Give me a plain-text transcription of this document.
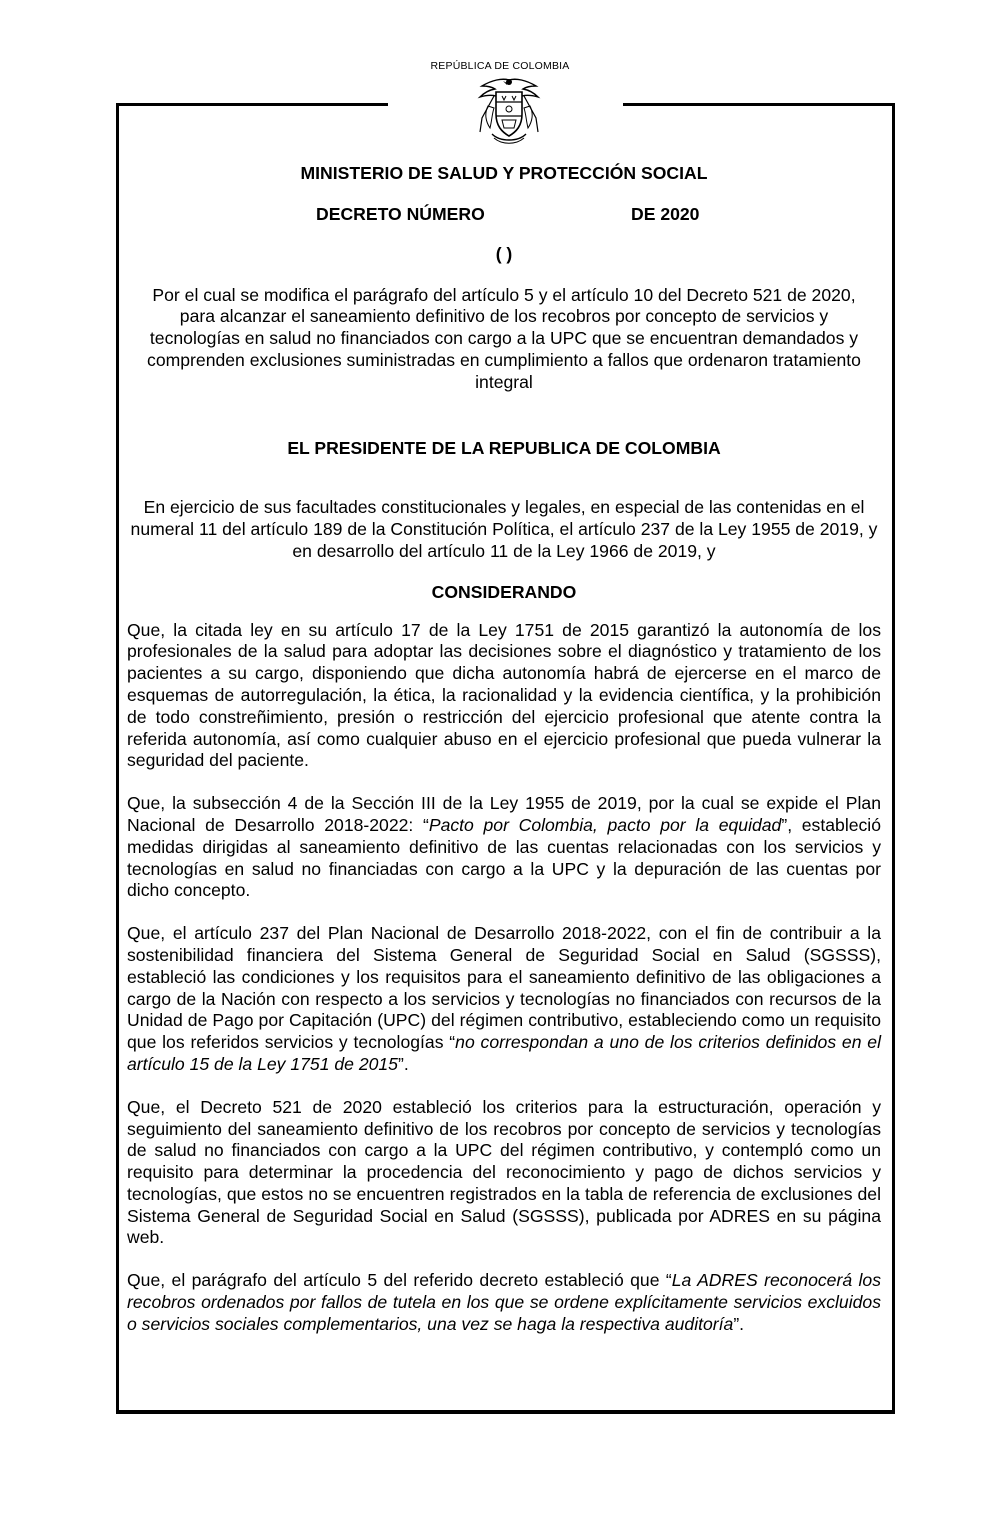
REPÚBLICA DE COLOMBIA

MINISTERIO DE SALUD Y PROTECCIÓN SOCIAL

DECRETO NÚMERO	DE 2020

( )

Por el cual se modifica el parágrafo del artículo 5 y el artículo 10 del Decreto 521 de 2020, para alcanzar el saneamiento definitivo de los recobros por concepto de servicios y tecnologías en salud no financiados con cargo a la UPC que se encuentran demandados y comprenden exclusiones suministradas en cumplimiento a fallos que ordenaron tratamiento integral

EL PRESIDENTE DE LA REPUBLICA DE COLOMBIA

En ejercicio de sus facultades constitucionales y legales, en especial de las contenidas en el numeral 11 del artículo 189 de la Constitución Política, el artículo 237 de la Ley 1955 de 2019, y en desarrollo del artículo 11 de la Ley 1966 de 2019, y

CONSIDERANDO

Que, la citada ley en su artículo 17 de la Ley 1751 de 2015 garantizó la autonomía de los profesionales de la salud para adoptar las decisiones sobre el diagnóstico y tratamiento de los pacientes a su cargo, disponiendo que dicha autonomía habrá de ejercerse en el marco de esquemas de autorregulación, la ética, la racionalidad y la evidencia científica, y la prohibición de todo constreñimiento, presión o restricción del ejercicio profesional que atente contra la referida autonomía, así como cualquier abuso en el ejercicio profesional que pueda vulnerar la seguridad del paciente.

Que, la subsección 4 de la Sección III de la Ley 1955 de 2019, por la cual se expide el Plan Nacional de Desarrollo 2018-2022: “Pacto por Colombia, pacto por la equidad”, estableció medidas dirigidas al saneamiento definitivo de las cuentas relacionadas con los servicios y tecnologías en salud no financiadas con cargo a la UPC y la depuración de las cuentas por dicho concepto.

Que, el artículo 237 del Plan Nacional de Desarrollo 2018-2022, con el fin de contribuir a la sostenibilidad financiera del Sistema General de Seguridad Social en Salud (SGSSS), estableció las condiciones y los requisitos para el saneamiento definitivo de las obligaciones a cargo de la Nación con respecto a los servicios y tecnologías no financiados con recursos de la Unidad de Pago por Capitación (UPC) del régimen contributivo, estableciendo como un requisito que los referidos servicios y tecnologías “no correspondan a uno de los criterios definidos en el artículo 15 de la Ley 1751 de 2015”.

Que, el Decreto 521 de 2020 estableció los criterios para la estructuración, operación y seguimiento del saneamiento definitivo de los recobros por concepto de servicios y tecnologías de salud no financiados con cargo a la UPC del régimen contributivo, y contempló como un requisito para determinar la procedencia del reconocimiento y pago de dichos servicios y tecnologías, que estos no se encuentren registrados en la tabla de referencia de exclusiones del Sistema General de Seguridad Social en Salud (SGSSS), publicada por ADRES en su página web.

Que, el parágrafo del artículo 5 del referido decreto estableció que “La ADRES reconocerá los recobros ordenados por fallos de tutela en los que se ordene explícitamente servicios excluidos o servicios sociales complementarios, una vez se haga la respectiva auditoría”.
